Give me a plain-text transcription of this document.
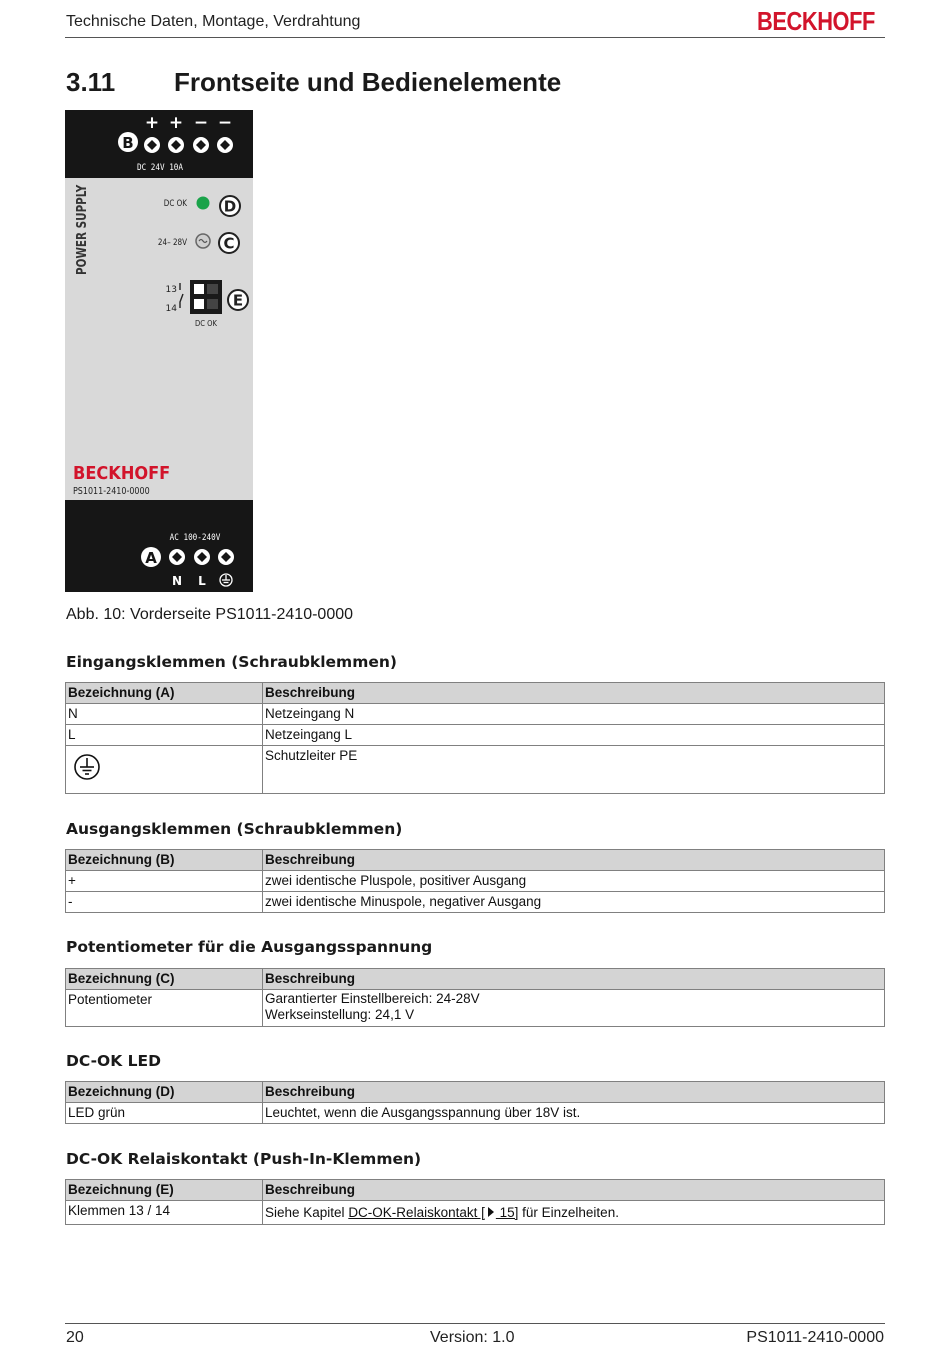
Technische Daten, Montage, Verdrahtung	BECKHOFF
3.11 Frontseite und Bedienelemente
+ + − −
B
DC 24V 10A
POWER SUPPLY	DC OK D
24– 28V C
13
14
DC OK
E
BECKHOFF
PS1011-2410-0000
AC 100-240V
A
N L
Abb. 10: Vorderseite PS1011-2410-0000
Eingangsklemmen (Schraubklemmen)
Bezeichnung (A)	Beschreibung
N	Netzeingang N
L	Netzeingang L
	Schutzleiter PE
Ausgangsklemmen (Schraubklemmen)
Bezeichnung (B)	Beschreibung
+	zwei identische Pluspole, positiver Ausgang
-	zwei identische Minuspole, negativer Ausgang
Potentiometer für die Ausgangsspannung
Bezeichnung (C)	Beschreibung
Potentiometer	Garantierter Einstellbereich: 24-28V
Werkseinstellung: 24,1 V
DC-OK LED
Bezeichnung (D)	Beschreibung
LED grün	Leuchtet, wenn die Ausgangsspannung über 18V ist.
DC-OK Relaiskontakt (Push-In-Klemmen)
Bezeichnung (E)	Beschreibung
Klemmen 13 / 14	Siehe Kapitel DC-OK-Relaiskontakt [ 15] für Einzelheiten.
20	Version: 1.0	PS1011-2410-0000
